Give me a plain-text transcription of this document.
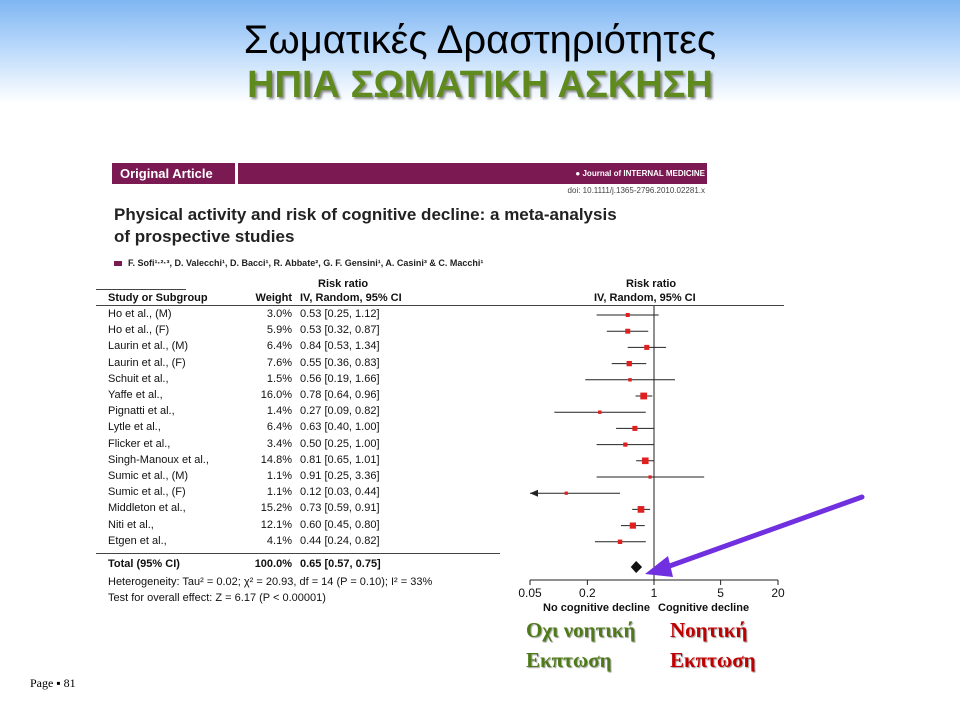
Σωματικές Δραστηριότητες
ΗΠΙΑ ΣΩΜΑΤΙΚΗ ΑΣΚΗΣΗ
Original Article	● Journal of INTERNAL MEDICINE
doi: 10.1111/j.1365-2796.2010.02281.x
Physical activity and risk of cognitive decline: a meta-analysis
of prospective studies
F. Sofi¹·²·³, D. Valecchi¹, D. Bacci¹, R. Abbate², G. F. Gensini¹, A. Casini³ & C. Macchi¹
Risk ratio
Study or Subgroup	Weight IV, Random, 95% CI
Risk ratio
IV, Random, 95% CI
Ho et al., (M)	3.0% 0.53 [0.25, 1.12]
Ho et al., (F)	5.9% 0.53 [0.32, 0.87]
Laurin et al., (M)	6.4% 0.84 [0.53, 1.34]
Laurin et al., (F)	7.6% 0.55 [0.36, 0.83]
Schuit et al.,	1.5% 0.56 [0.19, 1.66]
Yaffe et al.,	16.0% 0.78 [0.64, 0.96]
Pignatti et al.,	1.4% 0.27 [0.09, 0.82]
Lytle et al.,	6.4% 0.63 [0.40, 1.00]
Flicker et al.,	3.4% 0.50 [0.25, 1.00]
Singh-Manoux et al.,	14.8% 0.81 [0.65, 1.01]
Sumic et al., (M)	1.1% 0.91 [0.25, 3.36]
Sumic et al., (F)	1.1% 0.12 [0.03, 0.44]
Middleton et al.,	15.2% 0.73 [0.59, 0.91]
Niti et al.,	12.1% 0.60 [0.45, 0.80]
Etgen et al.,	4.1% 0.44 [0.24, 0.82]
Total (95% CI)	100.0% 0.65 [0.57, 0.75]
Heterogeneity: Tau² = 0.02; χ² = 20.93, df = 14 (P = 0.10); I² = 33%
Test for overall effect: Z = 6.17 (P < 0.00001)	0.05	0.2	1	5	20
No cognitive decline Cognitive decline
Οχι νοητική
Εκπτωση
Νοητική
Εκπτωση
Page ▪ 81
